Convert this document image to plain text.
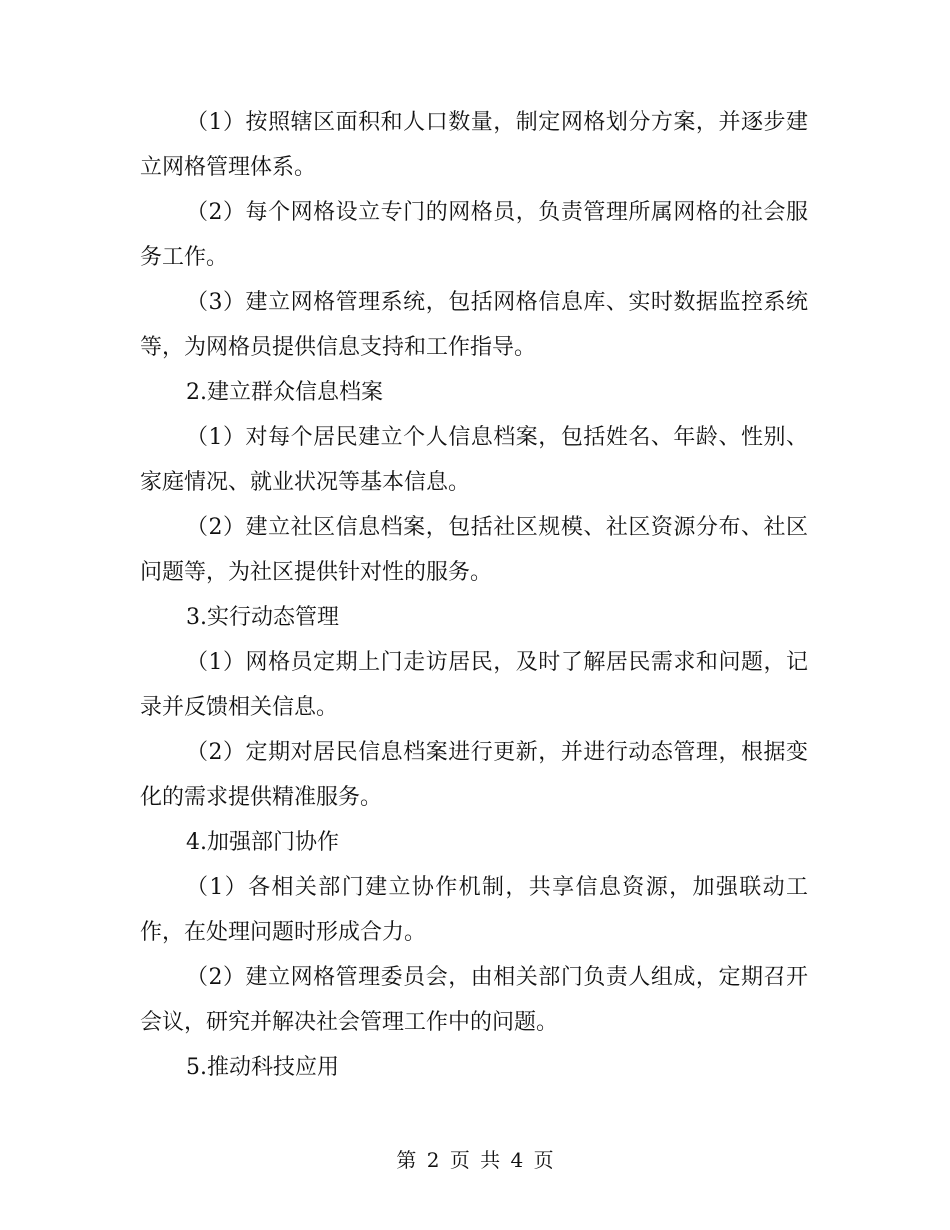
（1）按照辖区面积和人口数量，制定网格划分方案，并逐步建立网格管理体系。

（2）每个网格设立专门的网格员，负责管理所属网格的社会服务工作。

（3）建立网格管理系统，包括网格信息库、实时数据监控系统等，为网格员提供信息支持和工作指导。

2.建立群众信息档案

（1）对每个居民建立个人信息档案，包括姓名、年龄、性别、家庭情况、就业状况等基本信息。

（2）建立社区信息档案，包括社区规模、社区资源分布、社区问题等，为社区提供针对性的服务。

3.实行动态管理

（1）网格员定期上门走访居民，及时了解居民需求和问题，记录并反馈相关信息。

（2）定期对居民信息档案进行更新，并进行动态管理，根据变化的需求提供精准服务。

4.加强部门协作

（1）各相关部门建立协作机制，共享信息资源，加强联动工作，在处理问题时形成合力。

（2）建立网格管理委员会，由相关部门负责人组成，定期召开会议，研究并解决社会管理工作中的问题。

5.推动科技应用

第 2 页 共 4 页
